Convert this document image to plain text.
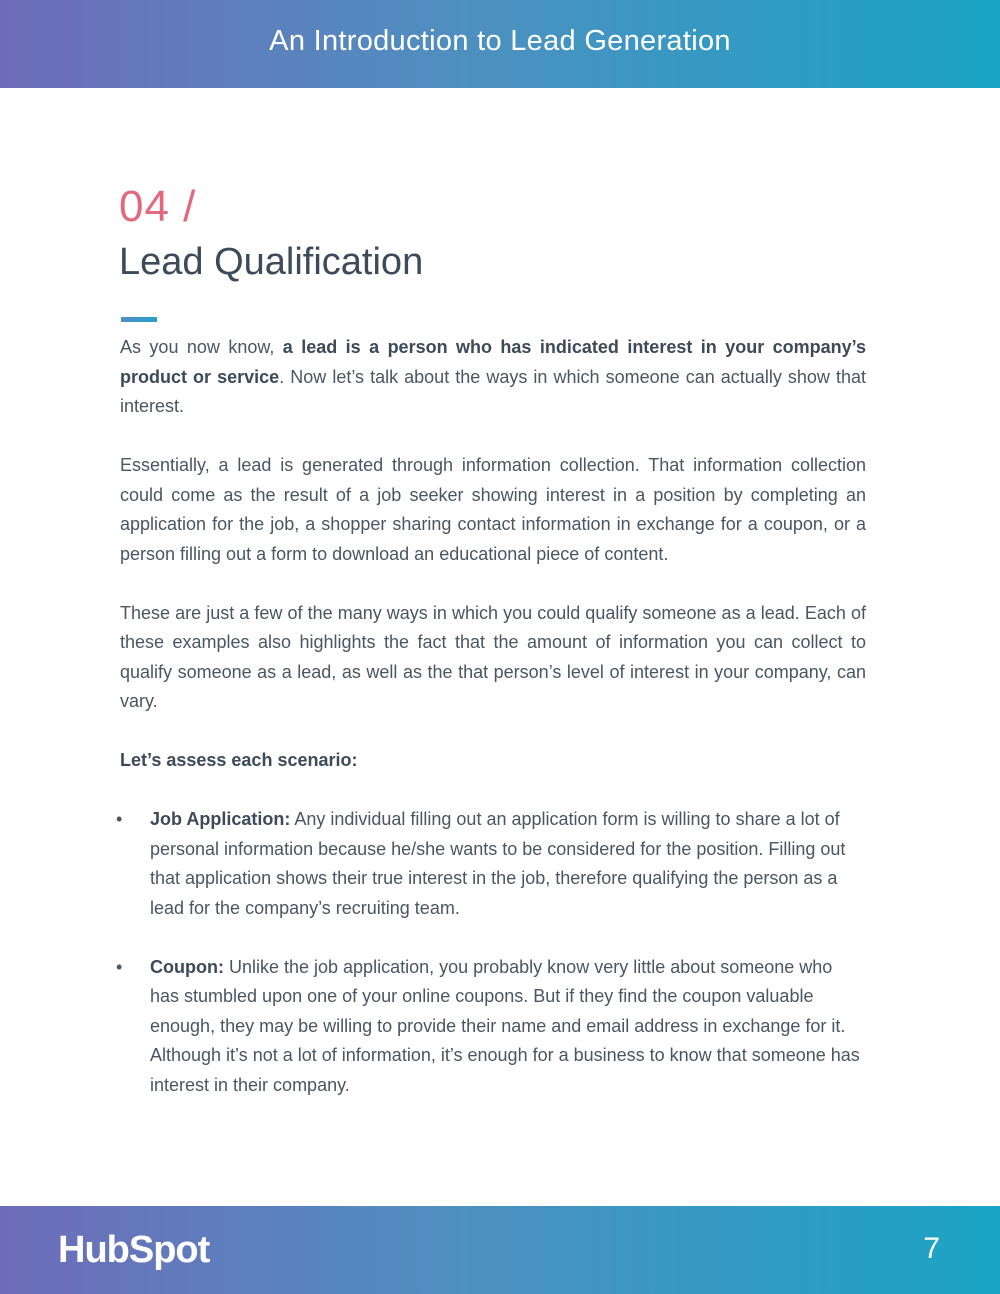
An Introduction to Lead Generation
04 /
Lead Qualification

As you now know, a lead is a person who has indicated interest in your company’s product or service. Now let’s talk about the ways in which someone can actually show that interest.

Essentially, a lead is generated through information collection. That information collection could come as the result of a job seeker showing interest in a position by completing an application for the job, a shopper sharing contact information in exchange for a coupon, or a person filling out a form to download an educational piece of content.

These are just a few of the many ways in which you could qualify someone as a lead. Each of these examples also highlights the fact that the amount of information you can collect to qualify someone as a lead, as well as the that person’s level of interest in your company, can vary.

Let’s assess each scenario:
• Job Application: Any individual filling out an application form is willing to share a lot of personal information because he/she wants to be considered for the position. Filling out that application shows their true interest in the job, therefore qualifying the person as a lead for the company’s recruiting team.
• Coupon: Unlike the job application, you probably know very little about someone who has stumbled upon one of your online coupons. But if they find the coupon valuable enough, they may be willing to provide their name and email address in exchange for it. Although it’s not a lot of information, it’s enough for a business to know that someone has interest in their company.
HubSpot	7
